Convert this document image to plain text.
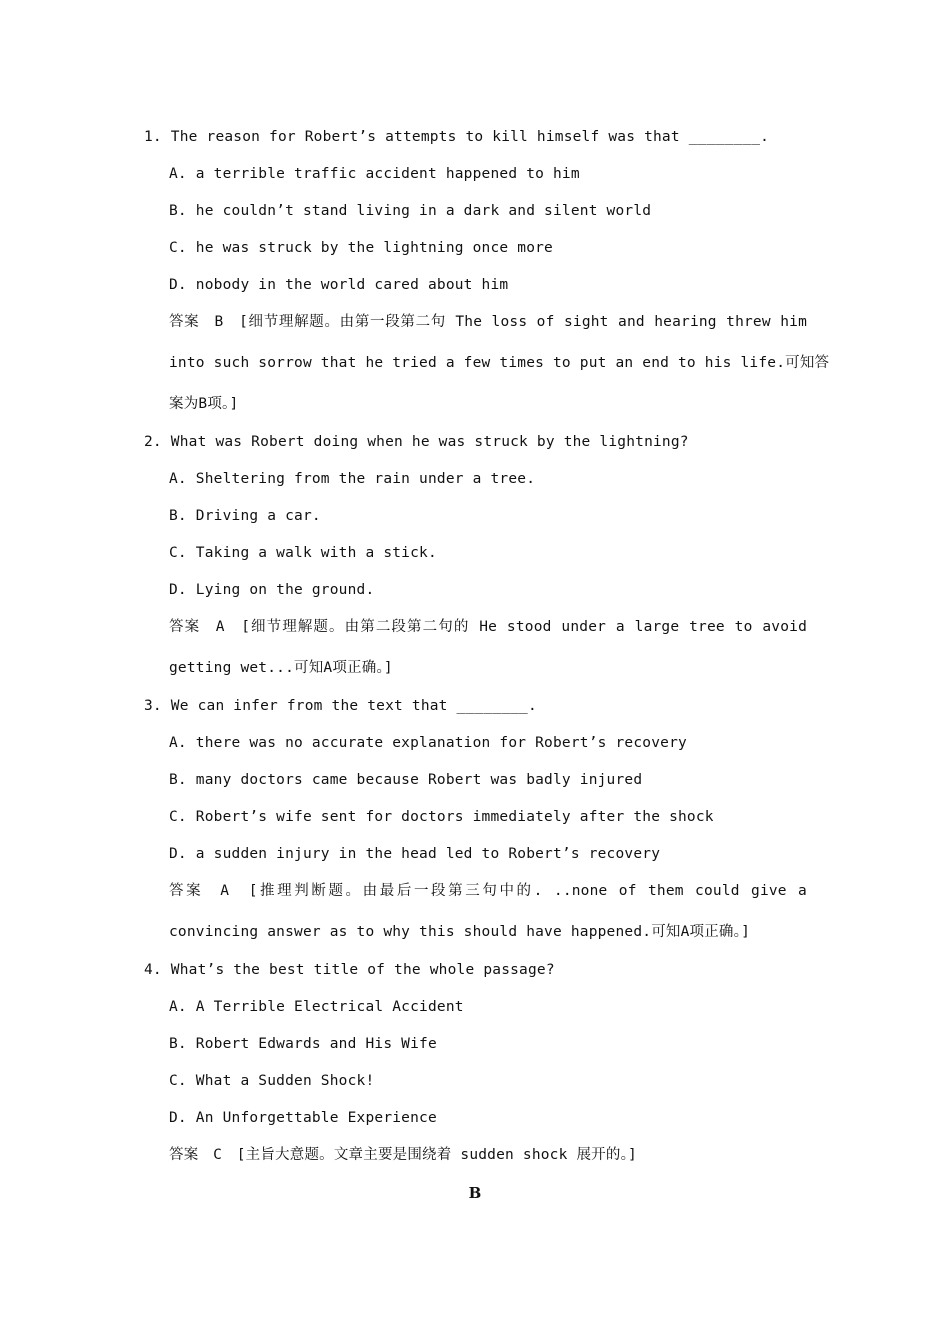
1. The reason for Robert’s attempts to kill himself was that ________.
A. a terrible traffic accident happened to him
B. he couldn’t stand living in a dark and silent world
C. he was struck by the lightning once more
D. nobody in the world cared about him
答案　B　[细节理解题。由第一段第二句 The loss of sight and hearing threw him
into such sorrow that he tried a few times to put an end to his life.可知答
案为B项。]
2. What was Robert doing when he was struck by the lightning?
A. Sheltering from the rain under a tree.
B. Driving a car.
C. Taking a walk with a stick.
D. Lying on the ground.
答案　A　[细节理解题。由第二段第二句的 He stood under a large tree to avoid
getting wet...可知A项正确。]
3. We can infer from the text that ________.
A. there was no accurate explanation for Robert’s recovery
B. many doctors came because Robert was badly injured
C. Robert’s wife sent for doctors immediately after the shock
D. a sudden injury in the head led to Robert’s recovery
答案　A　[推理判断题。由最后一段第三句中的. ..none of them could give a
convincing answer as to why this should have happened.可知A项正确。]
4. What’s the best title of the whole passage?
A. A Terrible Electrical Accident
B. Robert Edwards and His Wife
C. What a Sudden Shock!
D. An Unforgettable Experience
答案　C　[主旨大意题。文章主要是围绕着 sudden shock 展开的。]
B
